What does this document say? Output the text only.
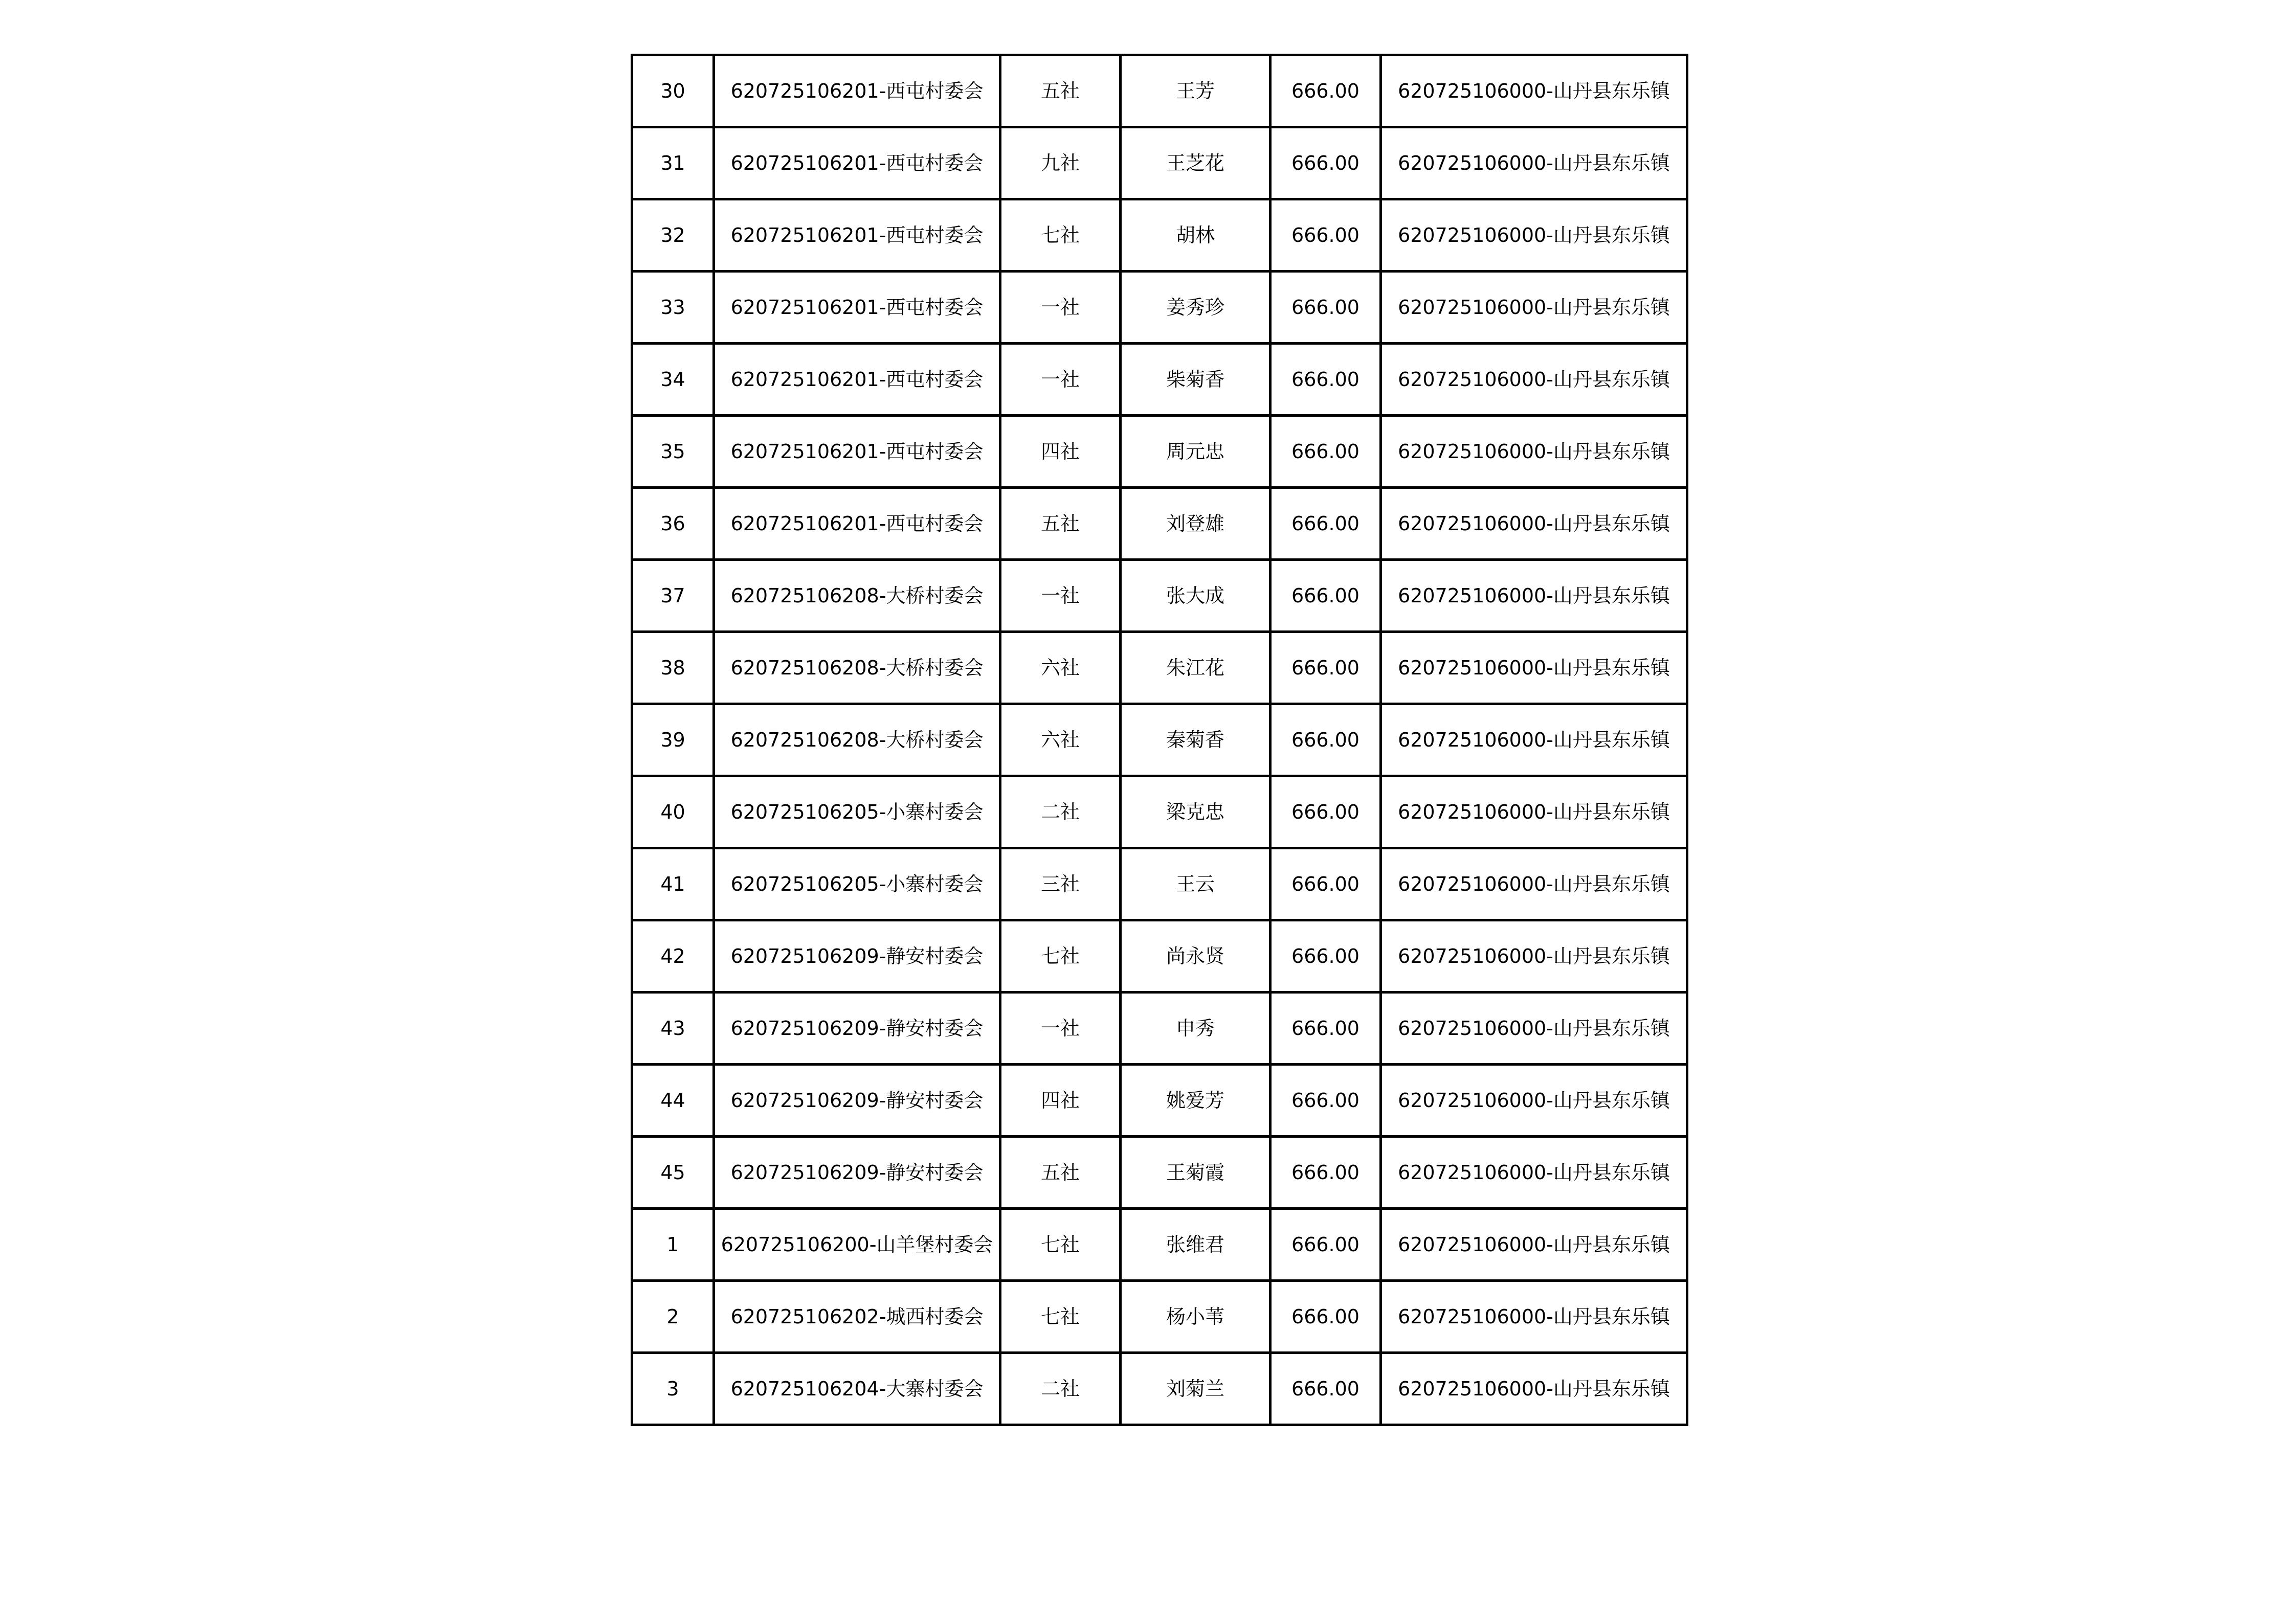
30	620725106201-西屯村委会	五社	王芳	666.00	620725106000-山丹县东乐镇
31	620725106201-西屯村委会	九社	王芝花	666.00	620725106000-山丹县东乐镇
32	620725106201-西屯村委会	七社	胡林	666.00	620725106000-山丹县东乐镇
33	620725106201-西屯村委会	一社	姜秀珍	666.00	620725106000-山丹县东乐镇
34	620725106201-西屯村委会	一社	柴菊香	666.00	620725106000-山丹县东乐镇
35	620725106201-西屯村委会	四社	周元忠	666.00	620725106000-山丹县东乐镇
36	620725106201-西屯村委会	五社	刘登雄	666.00	620725106000-山丹县东乐镇
37	620725106208-大桥村委会	一社	张大成	666.00	620725106000-山丹县东乐镇
38	620725106208-大桥村委会	六社	朱江花	666.00	620725106000-山丹县东乐镇
39	620725106208-大桥村委会	六社	秦菊香	666.00	620725106000-山丹县东乐镇
40	620725106205-小寨村委会	二社	梁克忠	666.00	620725106000-山丹县东乐镇
41	620725106205-小寨村委会	三社	王云	666.00	620725106000-山丹县东乐镇
42	620725106209-静安村委会	七社	尚永贤	666.00	620725106000-山丹县东乐镇
43	620725106209-静安村委会	一社	申秀	666.00	620725106000-山丹县东乐镇
44	620725106209-静安村委会	四社	姚爱芳	666.00	620725106000-山丹县东乐镇
45	620725106209-静安村委会	五社	王菊霞	666.00	620725106000-山丹县东乐镇
1	620725106200-山羊堡村委会	七社	张维君	666.00	620725106000-山丹县东乐镇
2	620725106202-城西村委会	七社	杨小苇	666.00	620725106000-山丹县东乐镇
3	620725106204-大寨村委会	二社	刘菊兰	666.00	620725106000-山丹县东乐镇
